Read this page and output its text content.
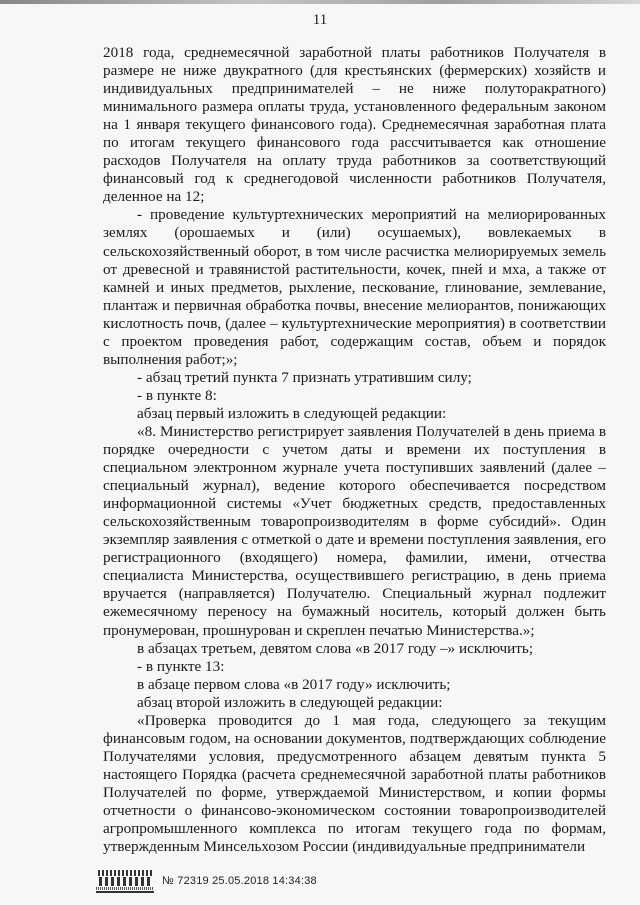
11

2018 года, среднемесячной заработной платы работников Получателя в размере не ниже двукратного (для крестьянских (фермерских) хозяйств и индивидуальных предпринимателей – не ниже полуторакратного) минимального размера оплаты труда, установленного федеральным законом на 1 января текущего финансового года). Среднемесячная заработная плата по итогам текущего финансового года рассчитывается как отношение расходов Получателя на оплату труда работников за соответствующий финансовый год к среднегодовой численности работников Получателя, деленное на 12;

- проведение культуртехнических мероприятий на мелиорированных землях (орошаемых и (или) осушаемых), вовлекаемых в сельскохозяйственный оборот, в том числе расчистка мелиорируемых земель от древесной и травянистой растительности, кочек, пней и мха, а также от камней и иных предметов, рыхление, пескование, глинование, землевание, плантаж и первичная обработка почвы, внесение мелиорантов, понижающих кислотность почв, (далее – культуртехнические мероприятия) в соответствии с проектом проведения работ, содержащим состав, объем и порядок выполнения работ;»;

- абзац третий пункта 7 признать утратившим силу;

- в пункте 8:

абзац первый изложить в следующей редакции:

«8. Министерство регистрирует заявления Получателей в день приема в порядке очередности с учетом даты и времени их поступления в специальном электронном журнале учета поступивших заявлений (далее – специальный журнал), ведение которого обеспечивается посредством информационной системы «Учет бюджетных средств, предоставленных сельскохозяйственным товаропроизводителям в форме субсидий». Один экземпляр заявления с отметкой о дате и времени поступления заявления, его регистрационного (входящего) номера, фамилии, имени, отчества специалиста Министерства, осуществившего регистрацию, в день приема вручается (направляется) Получателю. Специальный журнал подлежит ежемесячному переносу на бумажный носитель, который должен быть пронумерован, прошнурован и скреплен печатью Министерства.»;

в абзацах третьем, девятом слова «в 2017 году –» исключить;

- в пункте 13:

в абзаце первом слова «в 2017 году» исключить;

абзац второй изложить в следующей редакции:

«Проверка проводится до 1 мая года, следующего за текущим финансовым годом, на основании документов, подтверждающих соблюдение Получателями условия, предусмотренного абзацем девятым пункта 5 настоящего Порядка (расчета среднемесячной заработной платы работников Получателей по форме, утверждаемой Министерством, и копии формы отчетности о финансово-экономическом состоянии товаропроизводителей агропромышленного комплекса по итогам текущего года по формам, утвержденным Минсельхозом России (индивидуальные предприниматели

№ 72319 25.05.2018 14:34:38
